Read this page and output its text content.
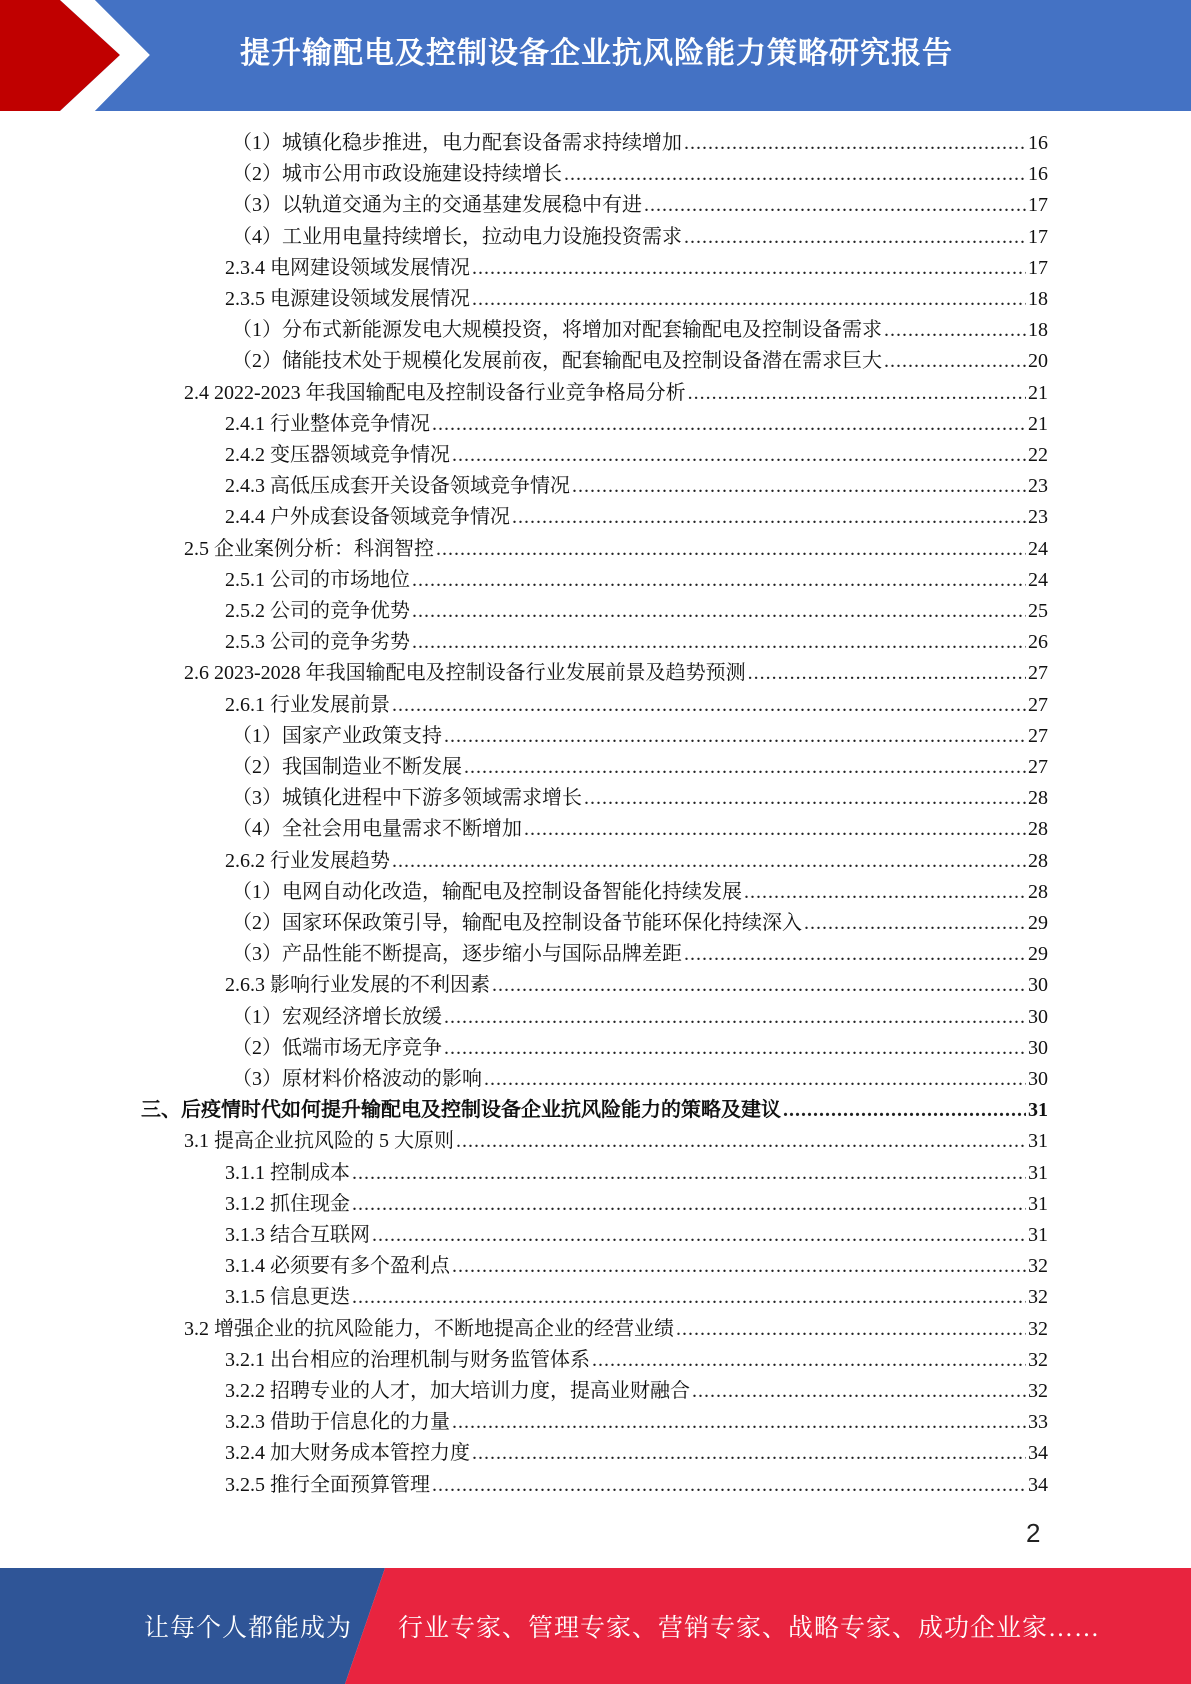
提升输配电及控制设备企业抗风险能力策略研究报告
（1）城镇化稳步推进，电力配套设备需求持续增加 .....	16
（2）城市公用市政设施建设持续增长 .....	16
（3）以轨道交通为主的交通基建发展稳中有进 .....	17
（4）工业用电量持续增长，拉动电力设施投资需求 .....	17
2.3.4 电网建设领域发展情况 .....	17
2.3.5 电源建设领域发展情况 .....	18
（1）分布式新能源发电大规模投资，将增加对配套输配电及控制设备需求 .....	18
（2）储能技术处于规模化发展前夜，配套输配电及控制设备潜在需求巨大 .....	20
2.4 2022-2023 年我国输配电及控制设备行业竞争格局分析 .....	21
2.4.1 行业整体竞争情况 .....	21
2.4.2 变压器领域竞争情况 .....	22
2.4.3 高低压成套开关设备领域竞争情况 .....	23
2.4.4 户外成套设备领域竞争情况 .....	23
2.5 企业案例分析：科润智控 .....	24
2.5.1 公司的市场地位 .....	24
2.5.2 公司的竞争优势 .....	25
2.5.3 公司的竞争劣势 .....	26
2.6 2023-2028 年我国输配电及控制设备行业发展前景及趋势预测 .....	27
2.6.1 行业发展前景 .....	27
（1）国家产业政策支持 .....	27
（2）我国制造业不断发展 .....	27
（3）城镇化进程中下游多领域需求增长 .....	28
（4）全社会用电量需求不断增加 .....	28
2.6.2 行业发展趋势 .....	28
（1）电网自动化改造，输配电及控制设备智能化持续发展 .....	28
（2）国家环保政策引导，输配电及控制设备节能环保化持续深入 .....	29
（3）产品性能不断提高，逐步缩小与国际品牌差距 .....	29
2.6.3 影响行业发展的不利因素 .....	30
（1）宏观经济增长放缓 .....	30
（2）低端市场无序竞争 .....	30
（3）原材料价格波动的影响 .....	30
三、后疫情时代如何提升输配电及控制设备企业抗风险能力的策略及建议 .....	31
3.1 提高企业抗风险的 5 大原则 .....	31
3.1.1 控制成本 .....	31
3.1.2 抓住现金 .....	31
3.1.3 结合互联网 .....	31
3.1.4 必须要有多个盈利点 .....	32
3.1.5 信息更迭 .....	32
3.2 增强企业的抗风险能力，不断地提高企业的经营业绩 .....	32
3.2.1 出台相应的治理机制与财务监管体系 .....	32
3.2.2 招聘专业的人才，加大培训力度，提高业财融合 .....	32
3.2.3 借助于信息化的力量 .....	33
3.2.4 加大财务成本管控力度 .....	34
3.2.5 推行全面预算管理 .....	34
2
让每个人都能成为 行业专家、管理专家、营销专家、战略专家、成功企业家……
